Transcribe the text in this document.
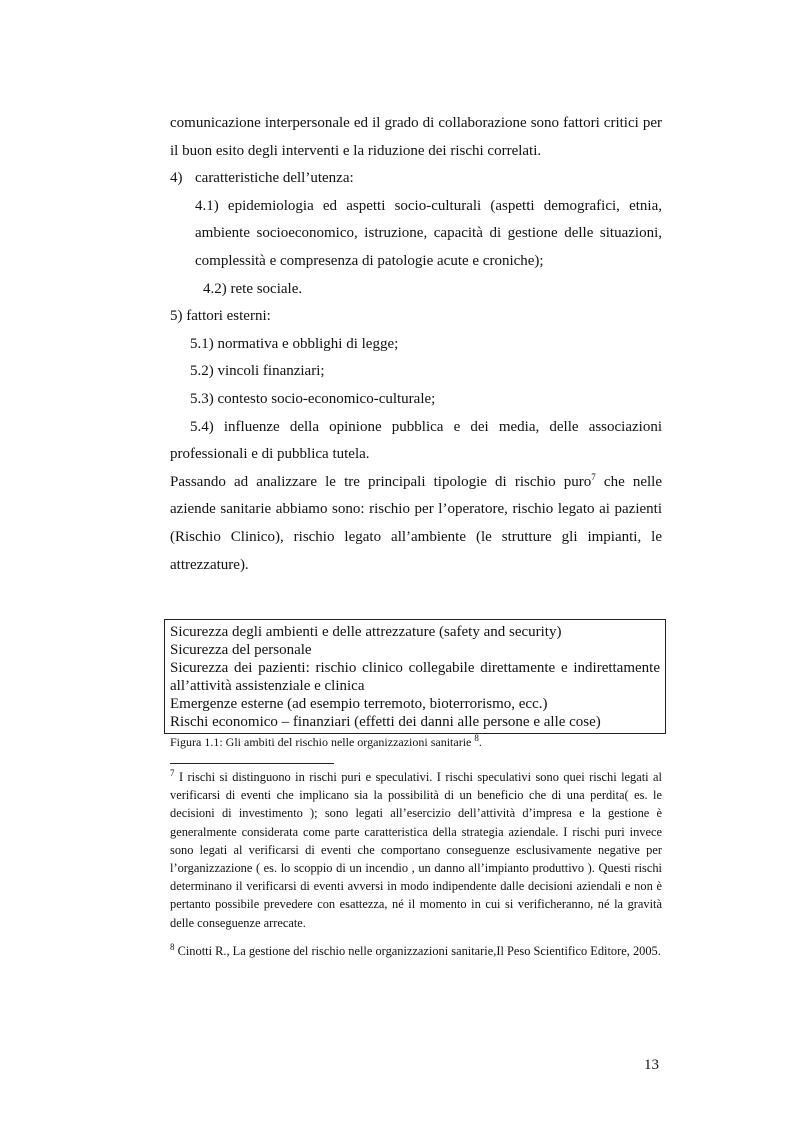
comunicazione interpersonale ed il grado di collaborazione sono fattori critici per il buon esito degli interventi e la riduzione dei rischi correlati.

4) caratteristiche dell’utenza:

4.1) epidemiologia ed aspetti socio-culturali (aspetti demografici, etnia, ambiente socioeconomico, istruzione, capacità di gestione delle situazioni, complessità e compresenza di patologie acute e croniche);

4.2) rete sociale.

5) fattori esterni:

5.1) normativa e obblighi di legge;

5.2) vincoli finanziari;

5.3) contesto socio-economico-culturale;

5.4) influenze della opinione pubblica e dei media, delle associazioni professionali e di pubblica tutela.

Passando ad analizzare le tre principali tipologie di rischio puro$^7$ che nelle aziende sanitarie abbiamo sono: rischio per l’operatore, rischio legato ai pazienti (Rischio Clinico), rischio legato all’ambiente (le strutture gli impianti, le attrezzature).

Sicurezza degli ambienti e delle attrezzature (safety and security)

Sicurezza del personale

Sicurezza dei pazienti: rischio clinico collegabile direttamente e indirettamente all’attività assistenziale e clinica

Emergenze esterne (ad esempio terremoto, bioterrorismo, ecc.)

Rischi economico – finanziari (effetti dei danni alle persone e alle cose)

Figura 1.1: Gli ambiti del rischio nelle organizzazioni sanitarie $^8$.

$^7$ I rischi si distinguono in rischi puri e speculativi. I rischi speculativi sono quei rischi legati al verificarsi di eventi che implicano sia la possibilità di un beneficio che di una perdita( es. le decisioni di investimento ); sono legati all’esercizio dell’attività d’impresa e la gestione è generalmente considerata come parte caratteristica della strategia aziendale. I rischi puri invece sono legati al verificarsi di eventi che comportano conseguenze esclusivamente negative per l’organizzazione ( es. lo scoppio di un incendio , un danno all’impianto produttivo ). Questi rischi determinano il verificarsi di eventi avversi in modo indipendente dalle decisioni aziendali e non è pertanto possibile prevedere con esattezza, né il momento in cui si verificheranno, né la gravità delle conseguenze arrecate.

$^8$ Cinotti R., La gestione del rischio nelle organizzazioni sanitarie,Il Peso Scientifico Editore, 2005.

13
